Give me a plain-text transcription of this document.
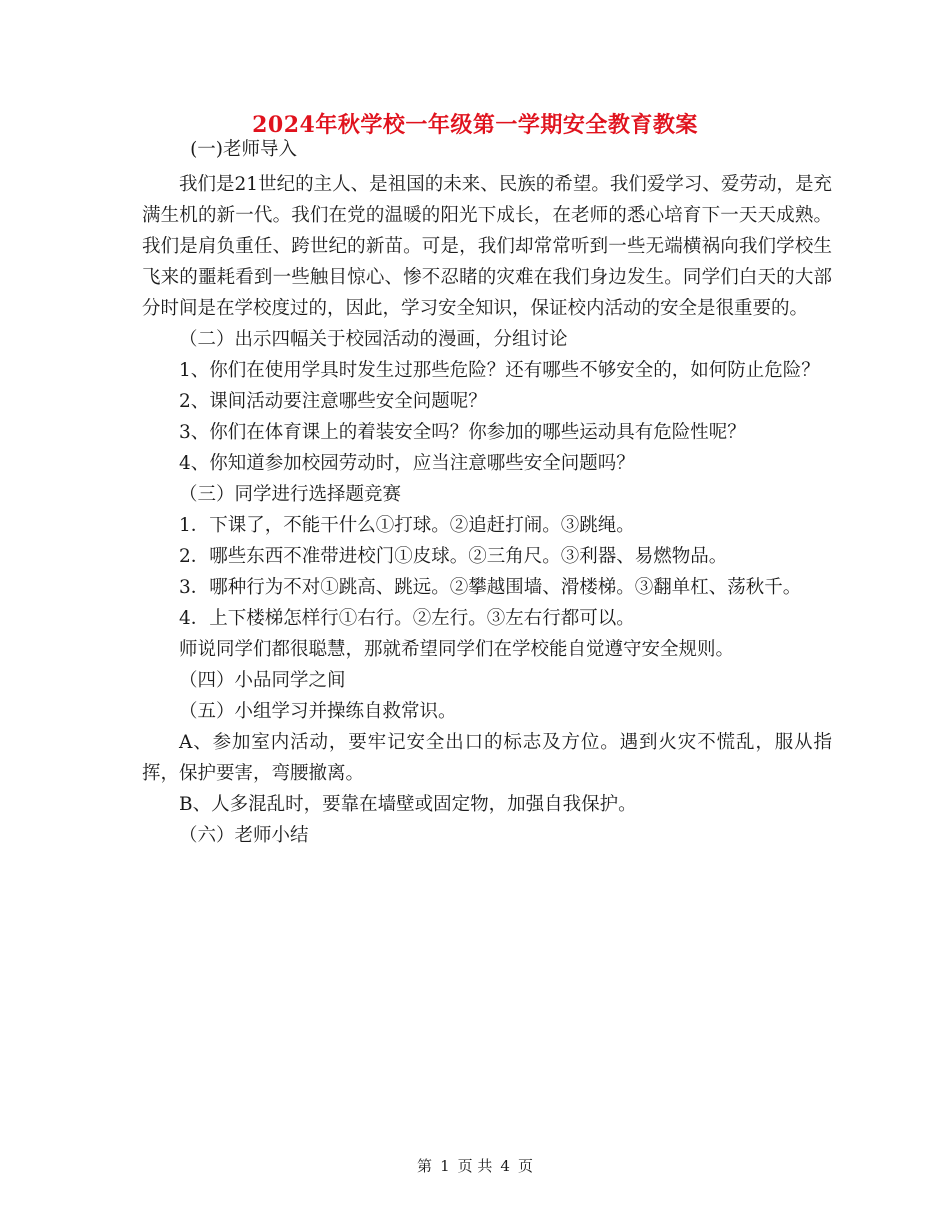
2024年秋学校一年级第一学期安全教育教案

(一)老师导入

我们是21世纪的主人、是祖国的未来、民族的希望。我们爱学习、爱劳动，是充满生机的新一代。我们在党的温暖的阳光下成长，在老师的悉心培育下一天天成熟。我们是肩负重任、跨世纪的新苗。可是，我们却常常听到一些无端横祸向我们学校生飞来的噩耗看到一些触目惊心、惨不忍睹的灾难在我们身边发生。同学们白天的大部分时间是在学校度过的，因此，学习安全知识，保证校内活动的安全是很重要的。

（二）出示四幅关于校园活动的漫画，分组讨论

1、你们在使用学具时发生过那些危险？还有哪些不够安全的，如何防止危险？

2、课间活动要注意哪些安全问题呢？

3、你们在体育课上的着装安全吗？你参加的哪些运动具有危险性呢？

4、你知道参加校园劳动时，应当注意哪些安全问题吗？

（三）同学进行选择题竞赛

1．下课了，不能干什么①打球。②追赶打闹。③跳绳。

2．哪些东西不准带进校门①皮球。②三角尺。③利器、易燃物品。

3．哪种行为不对①跳高、跳远。②攀越围墙、滑楼梯。③翻单杠、荡秋千。

4．上下楼梯怎样行①右行。②左行。③左右行都可以。

师说同学们都很聪慧，那就希望同学们在学校能自觉遵守安全规则。

（四）小品同学之间

（五）小组学习并操练自救常识。

A、参加室内活动，要牢记安全出口的标志及方位。遇到火灾不慌乱，服从指挥，保护要害，弯腰撤离。

B、人多混乱时，要靠在墙壁或固定物，加强自我保护。

（六）老师小结

第 1 页 共 4 页
